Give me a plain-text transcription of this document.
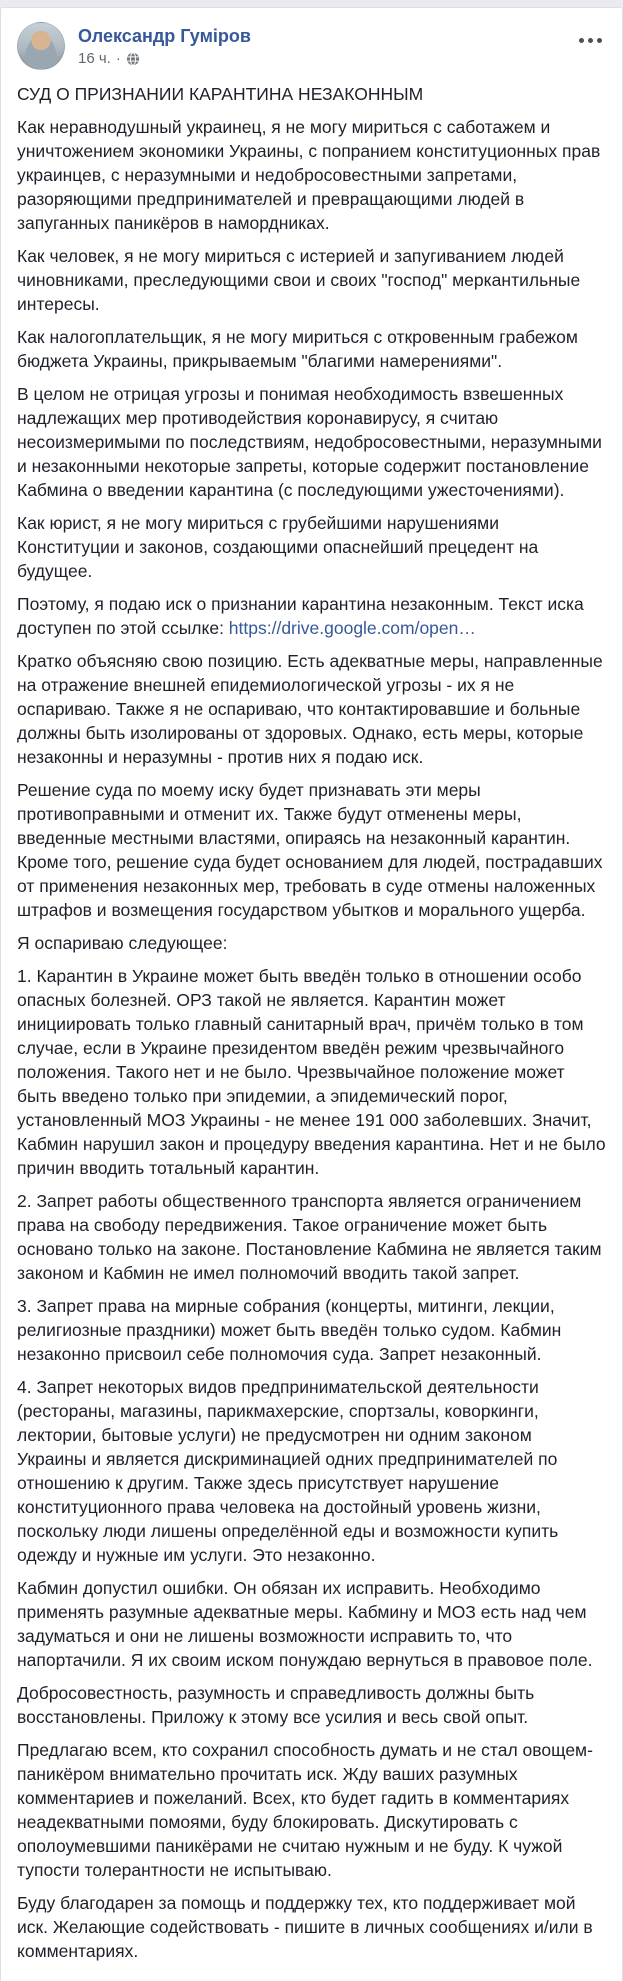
Олександр Гуміров
16 ч. ·

СУД О ПРИЗНАНИИ КАРАНТИНА НЕЗАКОННЫМ

Как неравнодушный украинец, я не могу мириться с саботажем и уничтожением экономики Украины, с попранием конституционных прав украинцев, с неразумными и недобросовестными запретами, разоряющими предпринимателей и превращающими людей в запуганных паникёров в намордниках.

Как человек, я не могу мириться с истерией и запугиванием людей чиновниками, преследующими свои и своих "господ" меркантильные интересы.

Как налогоплательщик, я не могу мириться с откровенным грабежом бюджета Украины, прикрываемым "благими намерениями".

В целом не отрицая угрозы и понимая необходимость взвешенных надлежащих мер противодействия коронавирусу, я считаю несоизмеримыми по последствиям, недобросовестными, неразумными и незаконными некоторые запреты, которые содержит постановление Кабмина о введении карантина (с последующими ужесточениями).

Как юрист, я не могу мириться с грубейшими нарушениями Конституции и законов, создающими опаснейший прецедент на будущее.

Поэтому, я подаю иск о признании карантина незаконным. Текст иска доступен по этой ссылке: https://drive.google.com/open…

Кратко объясняю свою позицию. Есть адекватные меры, направленные на отражение внешней епидемиологической угрозы - их я не оспариваю. Также я не оспариваю, что контактировавшие и больные должны быть изолированы от здоровых. Однако, есть меры, которые незаконны и неразумны - против них я подаю иск.

Решение суда по моему иску будет признавать эти меры противоправными и отменит их. Также будут отменены меры, введенные местными властями, опираясь на незаконный карантин. Кроме того, решение суда будет основанием для людей, пострадавших от применения незаконных мер, требовать в суде отмены наложенных штрафов и возмещения государством убытков и морального ущерба.

Я оспариваю следующее:

1. Карантин в Украине может быть введён только в отношении особо опасных болезней. ОРЗ такой не является. Карантин может инициировать только главный санитарный врач, причём только в том случае, если в Украине президентом введён режим чрезвычайного положения. Такого нет и не было. Чрезвычайное положение может быть введено только при эпидемии, а эпидемический порог, установленный МОЗ Украины - не менее 191 000 заболевших. Значит, Кабмин нарушил закон и процедуру введения карантина. Нет и не было причин вводить тотальный карантин.

2. Запрет работы общественного транспорта является ограничением права на свободу передвижения. Такое ограничение может быть основано только на законе. Постановление Кабмина не является таким законом и Кабмин не имел полномочий вводить такой запрет.

3. Запрет права на мирные собрания (концерты, митинги, лекции, религиозные праздники) может быть введён только судом. Кабмин незаконно присвоил себе полномочия суда. Запрет незаконный.

4. Запрет некоторых видов предпринимательской деятельности (рестораны, магазины, парикмахерские, спортзалы, коворкинги, лектории, бытовые услуги) не предусмотрен ни одним законом Украины и является дискриминацией одних предпринимателей по отношению к другим. Также здесь присутствует нарушение конституционного права человека на достойный уровень жизни, поскольку люди лишены определённой еды и возможности купить одежду и нужные им услуги. Это незаконно.

Кабмин допустил ошибки. Он обязан их исправить. Необходимо применять разумные адекватные меры. Кабмину и МОЗ есть над чем задуматься и они не лишены возможности исправить то, что напортачили. Я их своим иском понуждаю вернуться в правовое поле.

Добросовестность, разумность и справедливость должны быть восстановлены. Приложу к этому все усилия и весь свой опыт.

Предлагаю всем, кто сохранил способность думать и не стал овощем-паникёром внимательно прочитать иск. Жду ваших разумных комментариев и пожеланий. Всех, кто будет гадить в комментариях неадекватными помоями, буду блокировать. Дискутировать с ополоумевшими паникёрами не считаю нужным и не буду. К чужой тупости толерантности не испытываю.

Буду благодарен за помощь и поддержку тех, кто поддерживает мой иск. Желающие содействовать - пишите в личных сообщениях и/или в комментариях.
